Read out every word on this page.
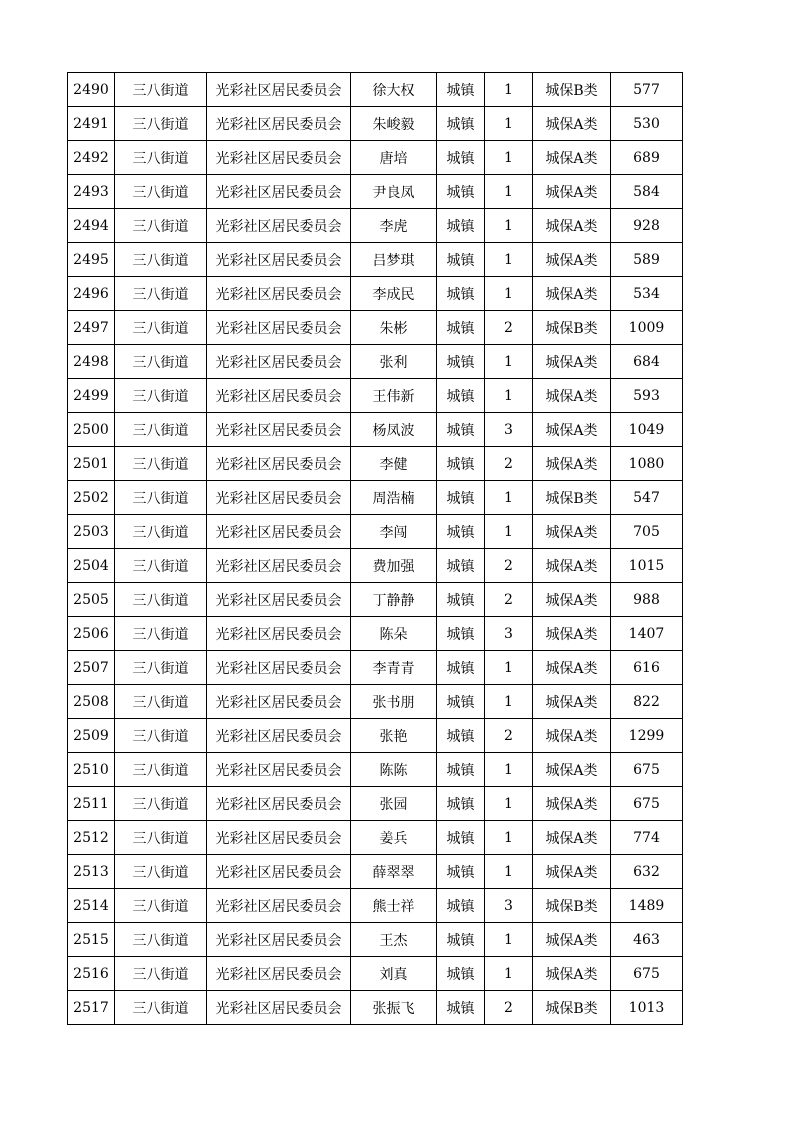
2490	三八街道	光彩社区居民委员会	徐大权	城镇	1	城保B类	577
2491	三八街道	光彩社区居民委员会	朱峻毅	城镇	1	城保A类	530
2492	三八街道	光彩社区居民委员会	唐培	城镇	1	城保A类	689
2493	三八街道	光彩社区居民委员会	尹良凤	城镇	1	城保A类	584
2494	三八街道	光彩社区居民委员会	李虎	城镇	1	城保A类	928
2495	三八街道	光彩社区居民委员会	吕梦琪	城镇	1	城保A类	589
2496	三八街道	光彩社区居民委员会	李成民	城镇	1	城保A类	534
2497	三八街道	光彩社区居民委员会	朱彬	城镇	2	城保B类	1009
2498	三八街道	光彩社区居民委员会	张利	城镇	1	城保A类	684
2499	三八街道	光彩社区居民委员会	王伟新	城镇	1	城保A类	593
2500	三八街道	光彩社区居民委员会	杨凤波	城镇	3	城保A类	1049
2501	三八街道	光彩社区居民委员会	李健	城镇	2	城保A类	1080
2502	三八街道	光彩社区居民委员会	周浩楠	城镇	1	城保B类	547
2503	三八街道	光彩社区居民委员会	李闯	城镇	1	城保A类	705
2504	三八街道	光彩社区居民委员会	费加强	城镇	2	城保A类	1015
2505	三八街道	光彩社区居民委员会	丁静静	城镇	2	城保A类	988
2506	三八街道	光彩社区居民委员会	陈朵	城镇	3	城保A类	1407
2507	三八街道	光彩社区居民委员会	李青青	城镇	1	城保A类	616
2508	三八街道	光彩社区居民委员会	张书朋	城镇	1	城保A类	822
2509	三八街道	光彩社区居民委员会	张艳	城镇	2	城保A类	1299
2510	三八街道	光彩社区居民委员会	陈陈	城镇	1	城保A类	675
2511	三八街道	光彩社区居民委员会	张园	城镇	1	城保A类	675
2512	三八街道	光彩社区居民委员会	姜兵	城镇	1	城保A类	774
2513	三八街道	光彩社区居民委员会	薛翠翠	城镇	1	城保A类	632
2514	三八街道	光彩社区居民委员会	熊士祥	城镇	3	城保B类	1489
2515	三八街道	光彩社区居民委员会	王杰	城镇	1	城保A类	463
2516	三八街道	光彩社区居民委员会	刘真	城镇	1	城保A类	675
2517	三八街道	光彩社区居民委员会	张振飞	城镇	2	城保B类	1013
